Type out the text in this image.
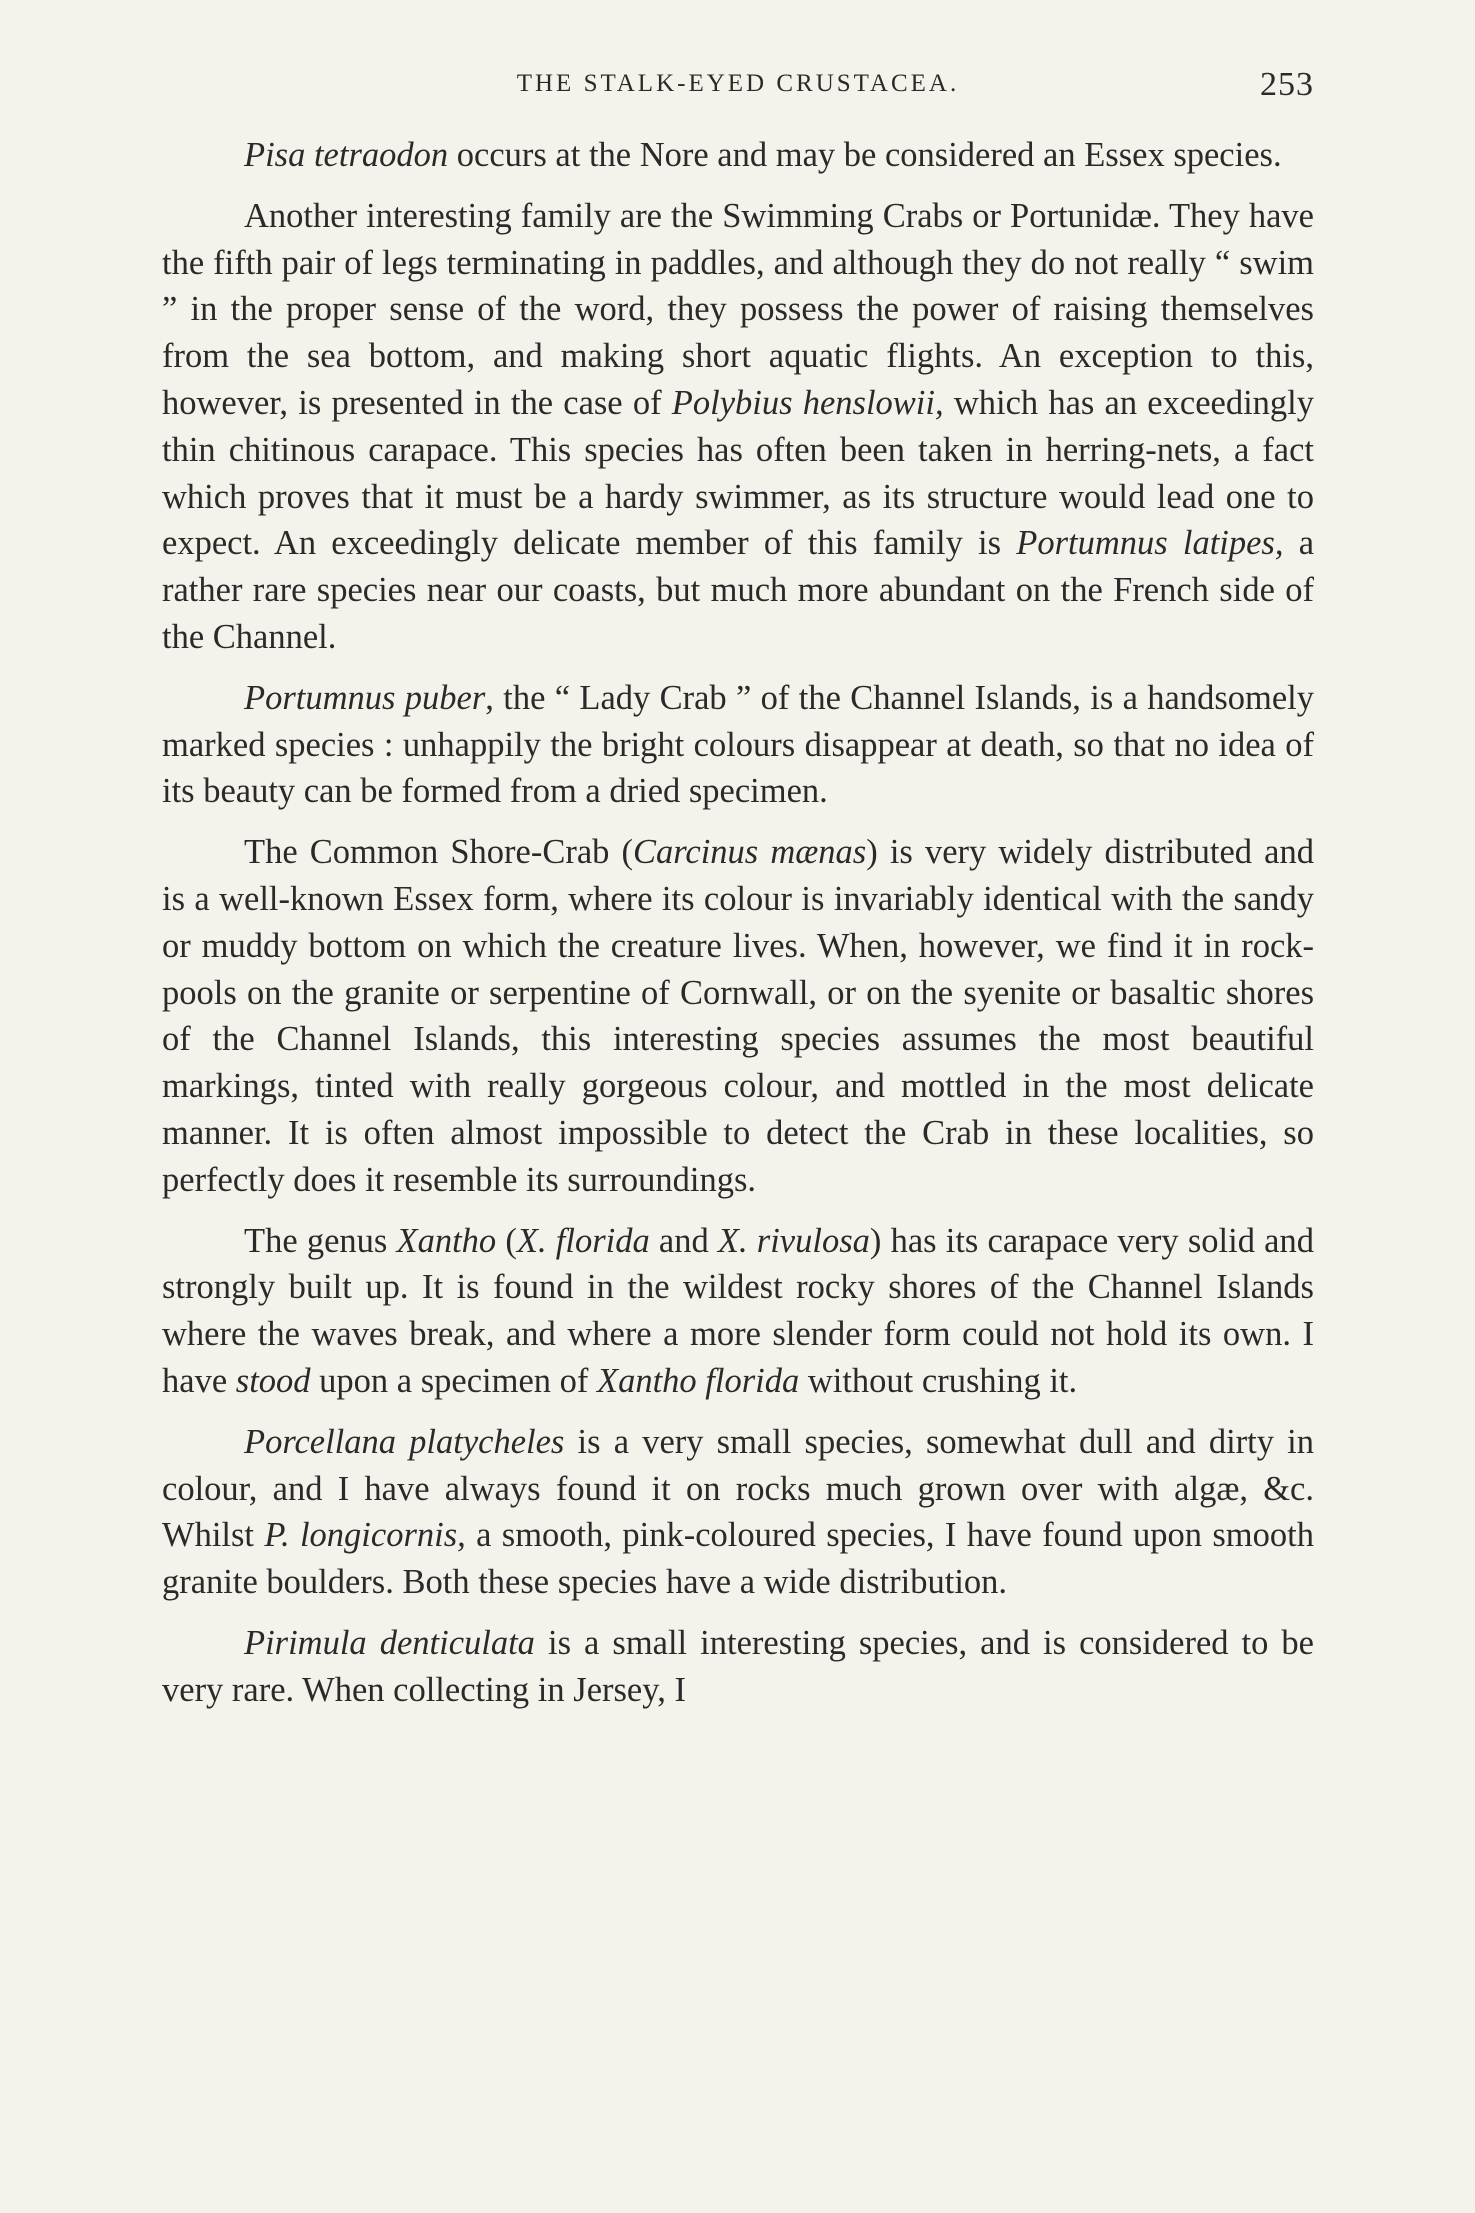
THE STALK-EYED CRUSTACEA.	253

Pisa tetraodon occurs at the Nore and may be considered an Essex species.

Another interesting family are the Swimming Crabs or Portunidæ. They have the fifth pair of legs terminating in paddles, and although they do not really “ swim ” in the proper sense of the word, they possess the power of raising themselves from the sea bottom, and making short aquatic flights. An exception to this, however, is presented in the case of Polybius henslowii, which has an exceedingly thin chitinous carapace. This species has often been taken in herring-nets, a fact which proves that it must be a hardy swimmer, as its structure would lead one to expect. An exceedingly delicate member of this family is Portumnus latipes, a rather rare species near our coasts, but much more abundant on the French side of the Channel.

Portumnus puber, the “ Lady Crab ” of the Channel Islands, is a handsomely marked species : unhappily the bright colours disappear at death, so that no idea of its beauty can be formed from a dried specimen.

The Common Shore-Crab (Carcinus mænas) is very widely distributed and is a well-known Essex form, where its colour is invariably identical with the sandy or muddy bottom on which the creature lives. When, however, we find it in rock-pools on the granite or serpentine of Cornwall, or on the syenite or basaltic shores of the Channel Islands, this interesting species assumes the most beautiful markings, tinted with really gorgeous colour, and mottled in the most delicate manner. It is often almost impossible to detect the Crab in these localities, so perfectly does it resemble its surroundings.

The genus Xantho (X. florida and X. rivulosa) has its carapace very solid and strongly built up. It is found in the wildest rocky shores of the Channel Islands where the waves break, and where a more slender form could not hold its own. I have stood upon a specimen of Xantho florida without crushing it.

Porcellana platycheles is a very small species, somewhat dull and dirty in colour, and I have always found it on rocks much grown over with algæ, &c. Whilst P. longicornis, a smooth, pink-coloured species, I have found upon smooth granite boulders. Both these species have a wide distribution.

Pirimula denticulata is a small interesting species, and is considered to be very rare. When collecting in Jersey, I
